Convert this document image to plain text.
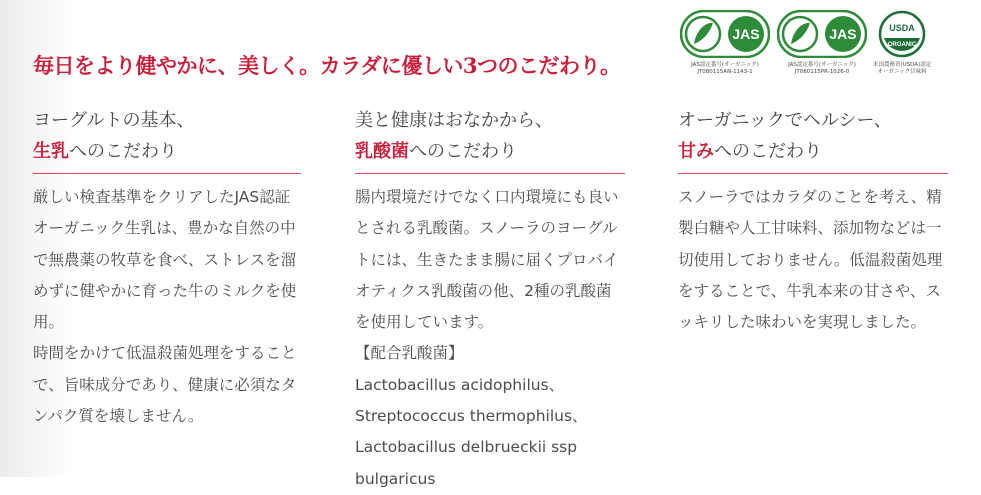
毎日をより健やかに、美しく。カラダに優しい3つのこだわり。
JAS
JAS認定番号(オーガニック)
JT080115AN-1143-1
JAS
JAS認定番号(オーガニック)
JT080115PR-1026-0
USDA
ORGANIC
米国農務省(USDA)認定
オーガニック甘味料
ヨーグルトの基本、
生乳へのこだわり

厳しい検査基準をクリアしたJAS認証オーガニック生乳は、豊かな自然の中で無農薬の牧草を食べ、ストレスを溜めずに健やかに育った牛のミルクを使用。

時間をかけて低温殺菌処理をすることで、旨味成分であり、健康に必須なタンパク質を壊しません。

美と健康はおなかから、
乳酸菌へのこだわり

腸内環境だけでなく口内環境にも良いとされる乳酸菌。スノーラのヨーグルトには、生きたまま腸に届くプロバイオティクス乳酸菌の他、2種の乳酸菌を使用しています。

【配合乳酸菌】

Lactobacillus acidophilus、

Streptococcus thermophilus、

Lactobacillus delbrueckii ssp bulgaricus

オーガニックでヘルシー、
甘みへのこだわり

スノーラではカラダのことを考え、精製白糖や人工甘味料、添加物などは一切使用しておりません。低温殺菌処理をすることで、牛乳本来の甘さや、スッキリした味わいを実現しました。
